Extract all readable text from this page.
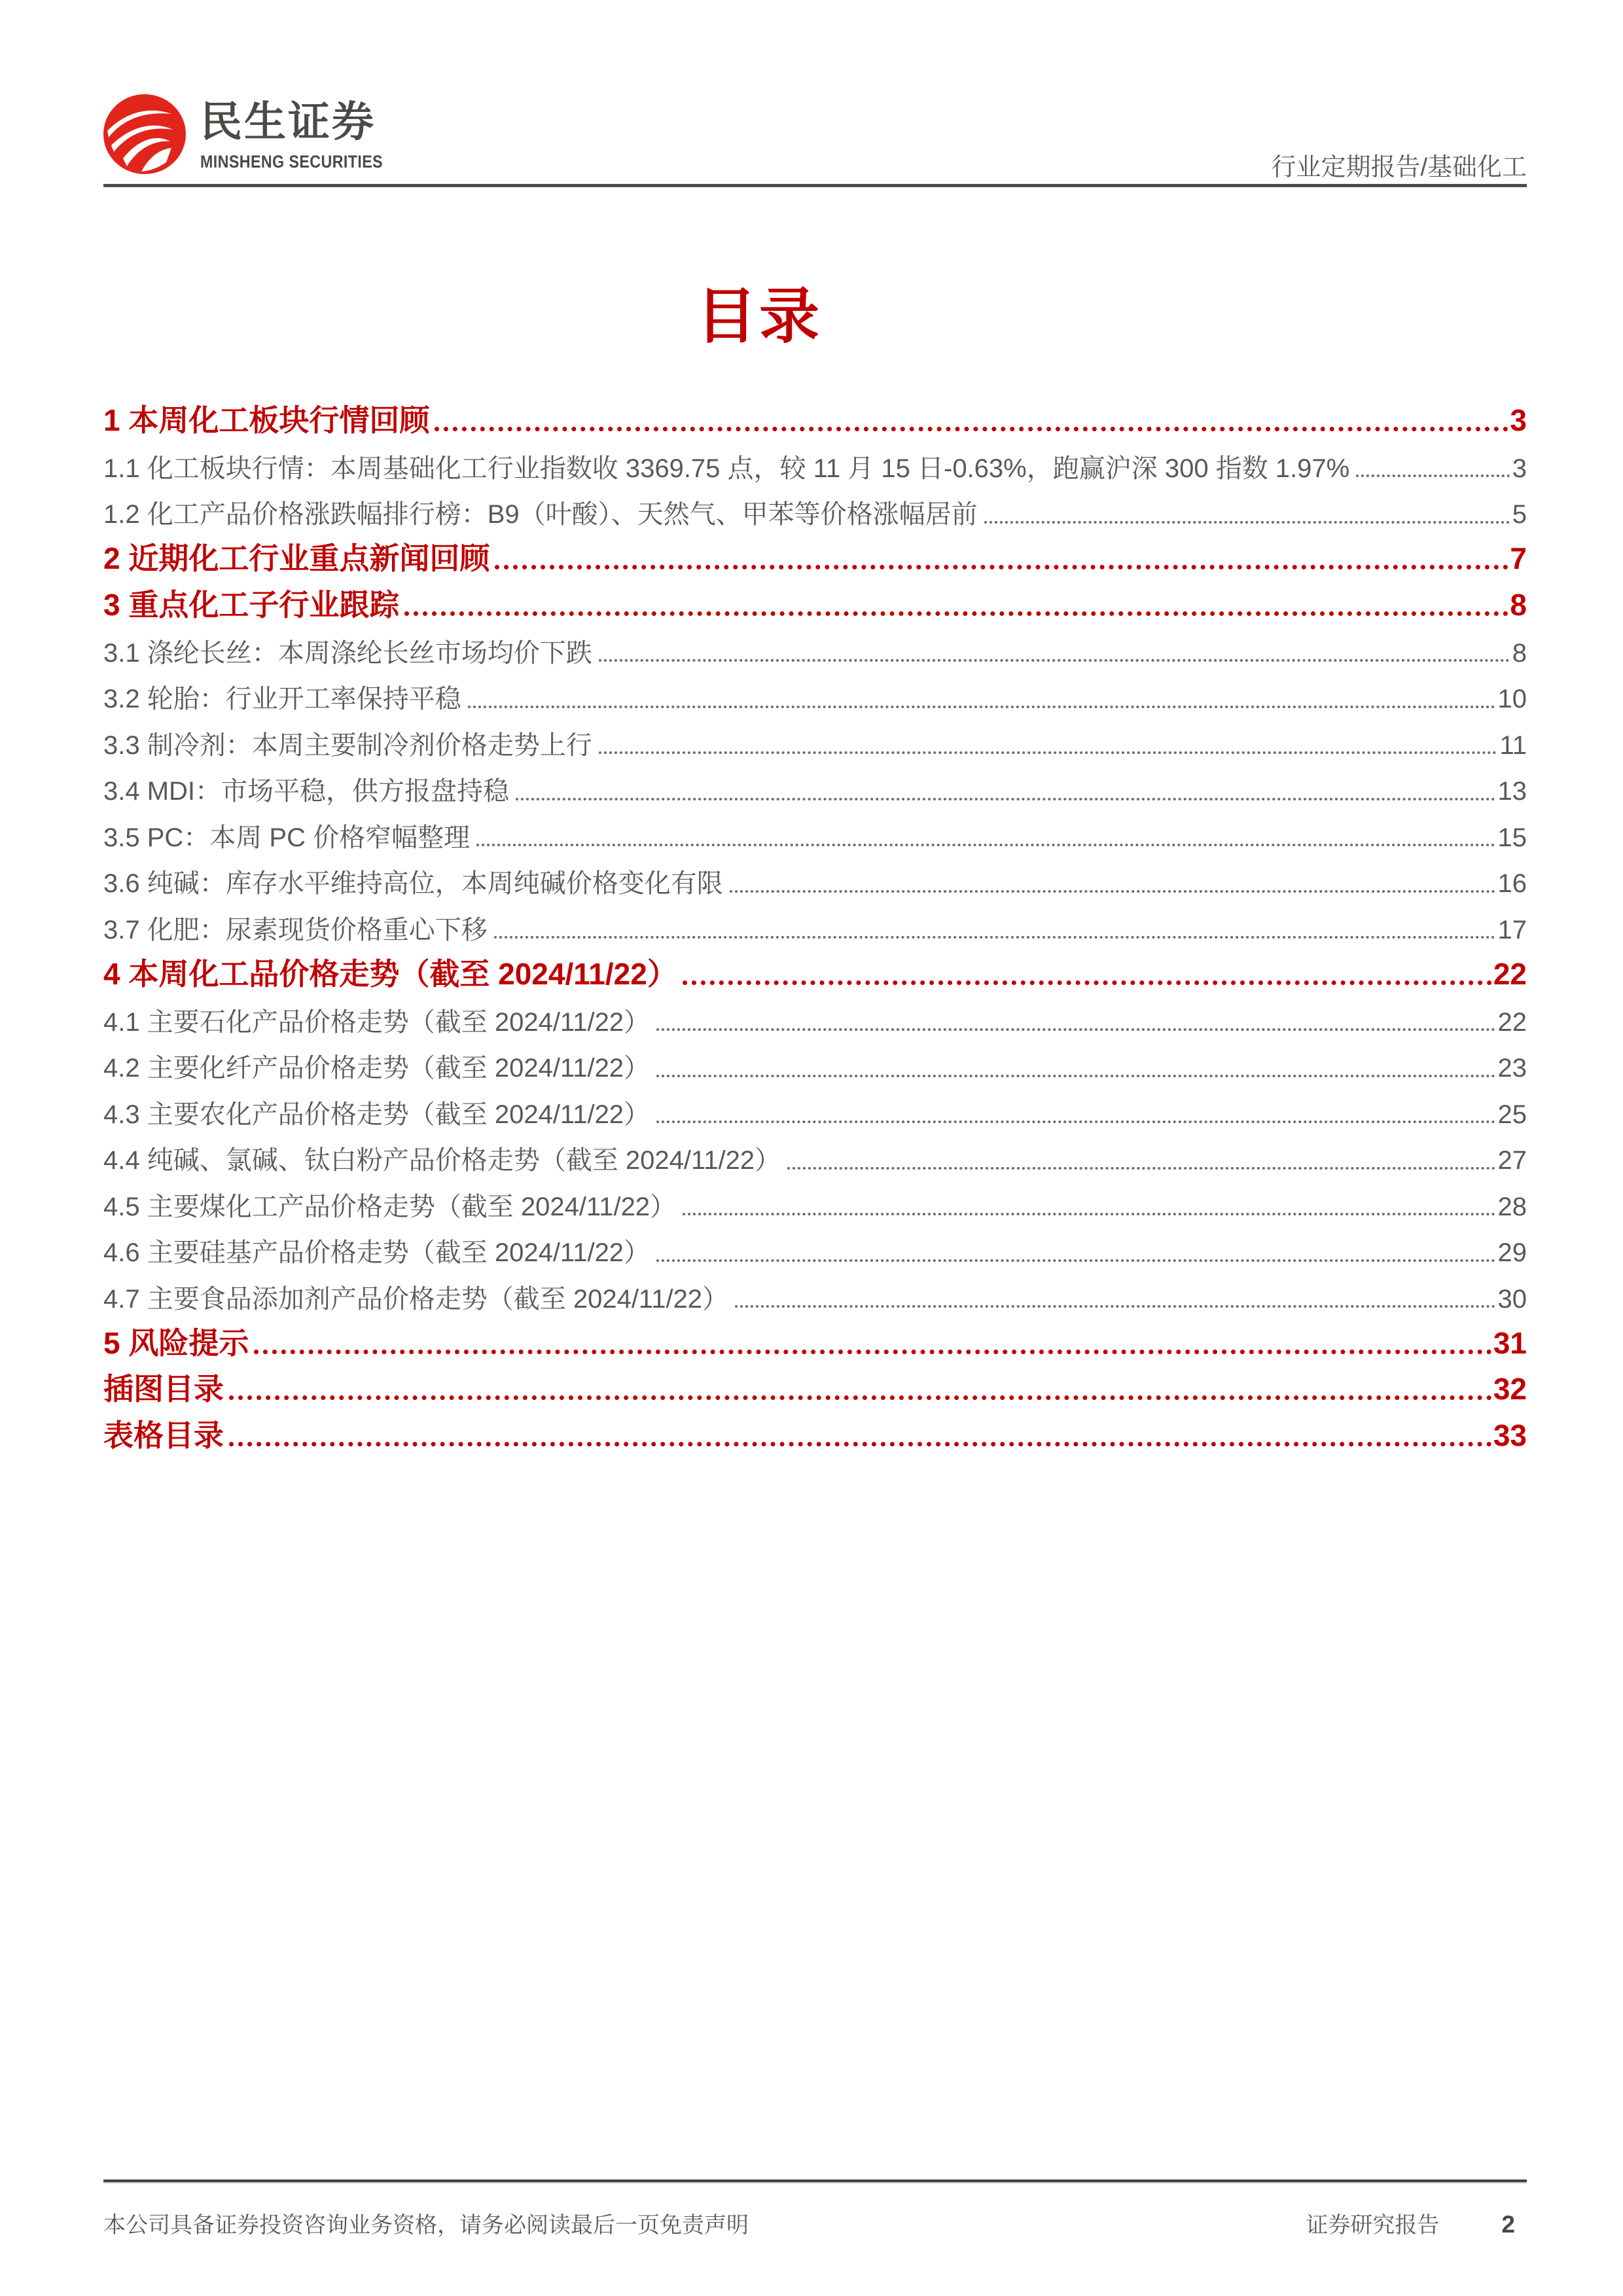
民生证券
MINSHENG SECURITIES	行业定期报告/基础化工
目录
1 本周化工板块行情回顾	3
1.1 化工板块行情：本周基础化工行业指数收 3369.75 点，较 11 月 15 日-0.63%，跑赢沪深 300 指数 1.97%	3
1.2 化工产品价格涨跌幅排行榜：B9（叶酸）、天然气、甲苯等价格涨幅居前	5
2 近期化工行业重点新闻回顾	7
3 重点化工子行业跟踪	8
3.1 涤纶长丝：本周涤纶长丝市场均价下跌	8
3.2 轮胎：行业开工率保持平稳	10
3.3 制冷剂：本周主要制冷剂价格走势上行	11
3.4 MDI：市场平稳，供方报盘持稳	13
3.5 PC：本周 PC 价格窄幅整理	15
3.6 纯碱：库存水平维持高位，本周纯碱价格变化有限	16
3.7 化肥：尿素现货价格重心下移	17
4 本周化工品价格走势（截至 2024/11/22）	22
4.1 主要石化产品价格走势（截至 2024/11/22）	22
4.2 主要化纤产品价格走势（截至 2024/11/22）	23
4.3 主要农化产品价格走势（截至 2024/11/22）	25
4.4 纯碱、氯碱、钛白粉产品价格走势（截至 2024/11/22）	27
4.5 主要煤化工产品价格走势（截至 2024/11/22）	28
4.6 主要硅基产品价格走势（截至 2024/11/22）	29
4.7 主要食品添加剂产品价格走势（截至 2024/11/22）	30
5 风险提示	31
插图目录	32
表格目录	33
本公司具备证券投资咨询业务资格，请务必阅读最后一页免责声明	证券研究报告	2
